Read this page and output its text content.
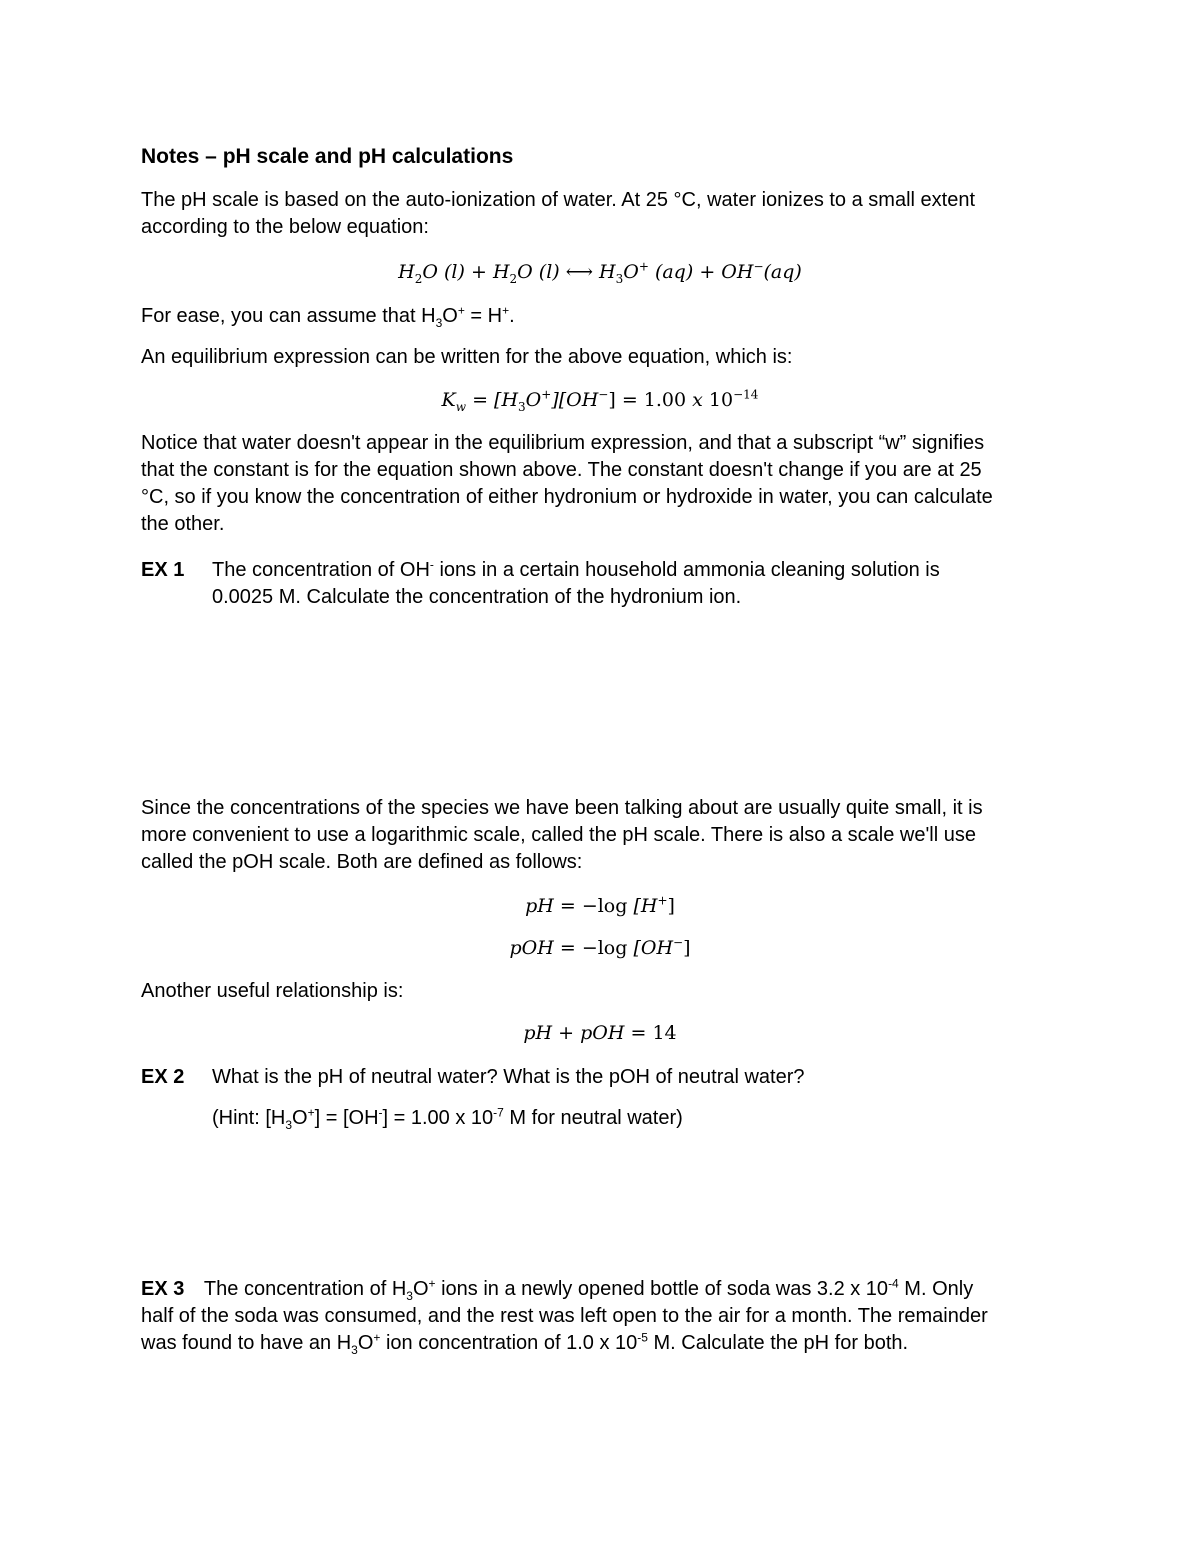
Notes – pH scale and pH calculations
The pH scale is based on the auto-ionization of water. At 25 °C, water ionizes to a small extent
according to the below equation:
$H_2O$ $(l) + H_2O$ (l) ⟷ $H_3O^+$ (aq) + OH−(aq)
For ease, you can assume that $H_3O^+ = H^+$.
An equilibrium expression can be written for the above equation, which is:
$K_w = [H_3O^+][OH^-] = 1.00$ x $10^{-14}$
Notice that water doesn't appear in the equilibrium expression, and that a subscript “w” signifies
that the constant is for the equation shown above. The constant doesn't change if you are at 25
°C, so if you know the concentration of either hydronium or hydroxide in water, you can calculate
the other.
EX 1	The concentration of OH- ions in a certain household ammonia cleaning solution is
0.0025 M. Calculate the concentration of the hydronium ion.
Since the concentrations of the species we have been talking about are usually quite small, it is
more convenient to use a logarithmic scale, called the pH scale. There is also a scale we'll use
called the pOH scale. Both are defined as follows:
pH = −log [H+]
pOH = −log [OH−]
Another useful relationship is:
pH + pOH = 14
EX 2	What is the pH of neutral water? What is the pOH of neutral water?
(Hint: $[H_3O^+] = [OH^-] = 1.00$ x $10^{-7}$ M for neutral water)
EX 3 The concentration of $H_3O^+$ ions in a newly opened bottle of soda was 3.2 x $10^{-4}$ M. Only
half of the soda was consumed, and the rest was left open to the air for a month. The remainder
was found to have an $H_3O^+$ ion concentration of 1.0 x $10^{-5}$ M. Calculate the pH for both.
